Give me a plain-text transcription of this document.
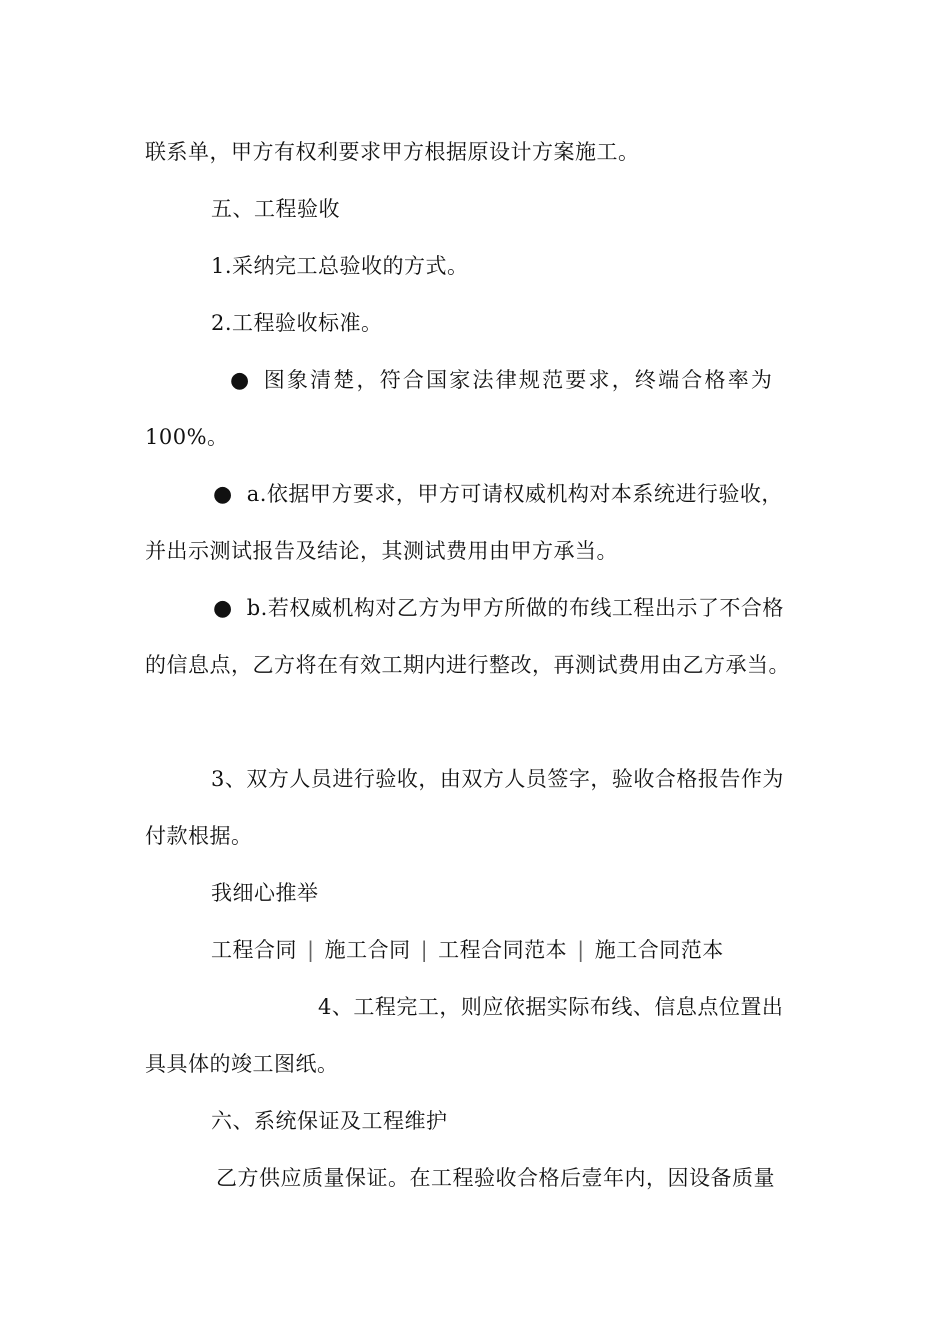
联系单，甲方有权利要求甲方根据原设计方案施工。
五、工程验收
1.采纳完工总验收的方式。
2.工程验收标准。
● 图象清楚，符合国家法律规范要求，终端合格率为
100%。
● a.依据甲方要求，甲方可请权威机构对本系统进行验收，
并出示测试报告及结论，其测试费用由甲方承当。
● b.若权威机构对乙方为甲方所做的布线工程出示了不合格
的信息点，乙方将在有效工期内进行整改，再测试费用由乙方承当。
3、双方人员进行验收，由双方人员签字，验收合格报告作为
付款根据。
我细心推举
工程合同 | 施工合同 | 工程合同范本 | 施工合同范本
4、工程完工，则应依据实际布线、信息点位置出
具具体的竣工图纸。
六、系统保证及工程维护
乙方供应质量保证。在工程验收合格后壹年内，因设备质量
